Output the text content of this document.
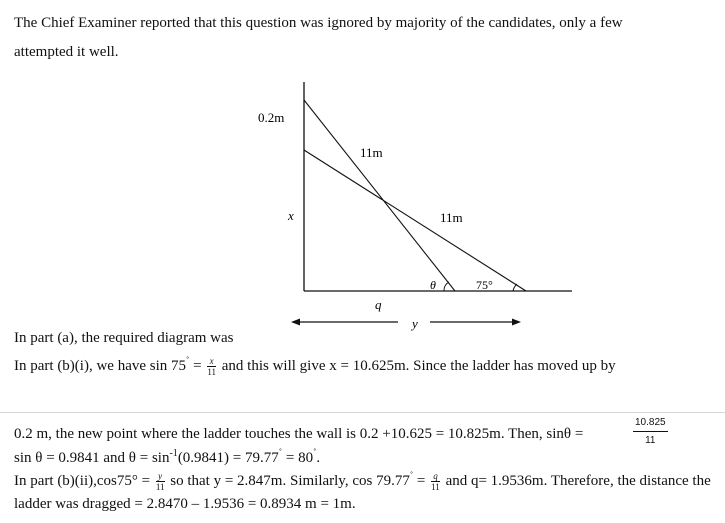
The Chief Examiner reported that this question was ignored by majority of the candidates, only a few
attempted it well.
0.2m
11m
11m
x
θ	75°
q
y
In part (a), the required diagram was
In part (b)(i), we have $\sin 75^˚ = \frac{x}{11}$ and this will give x = 10.625m. Since the ladder has moved up by
0.2 m, the new point where the ladder touches the wall is 0.2 +10.625 = 10.825m. Then, sinθ =	$\frac{10.825}{11}$
sin θ = 0.9841 and $\theta = \sin^{-1}(0.9841) = 79.77^˚ = 80^˚$.
In part $(b)(ii),\cos 75^\circ = \frac{y}{11}$ so that y = 2.847m. Similarly, $\cos 79.77^˚ = \frac{q}{11}$ and q= 1.9536m. Therefore, the distance the
ladder was dragged = 2.8470 – 1.9536 = 0.8934 m = 1m.
